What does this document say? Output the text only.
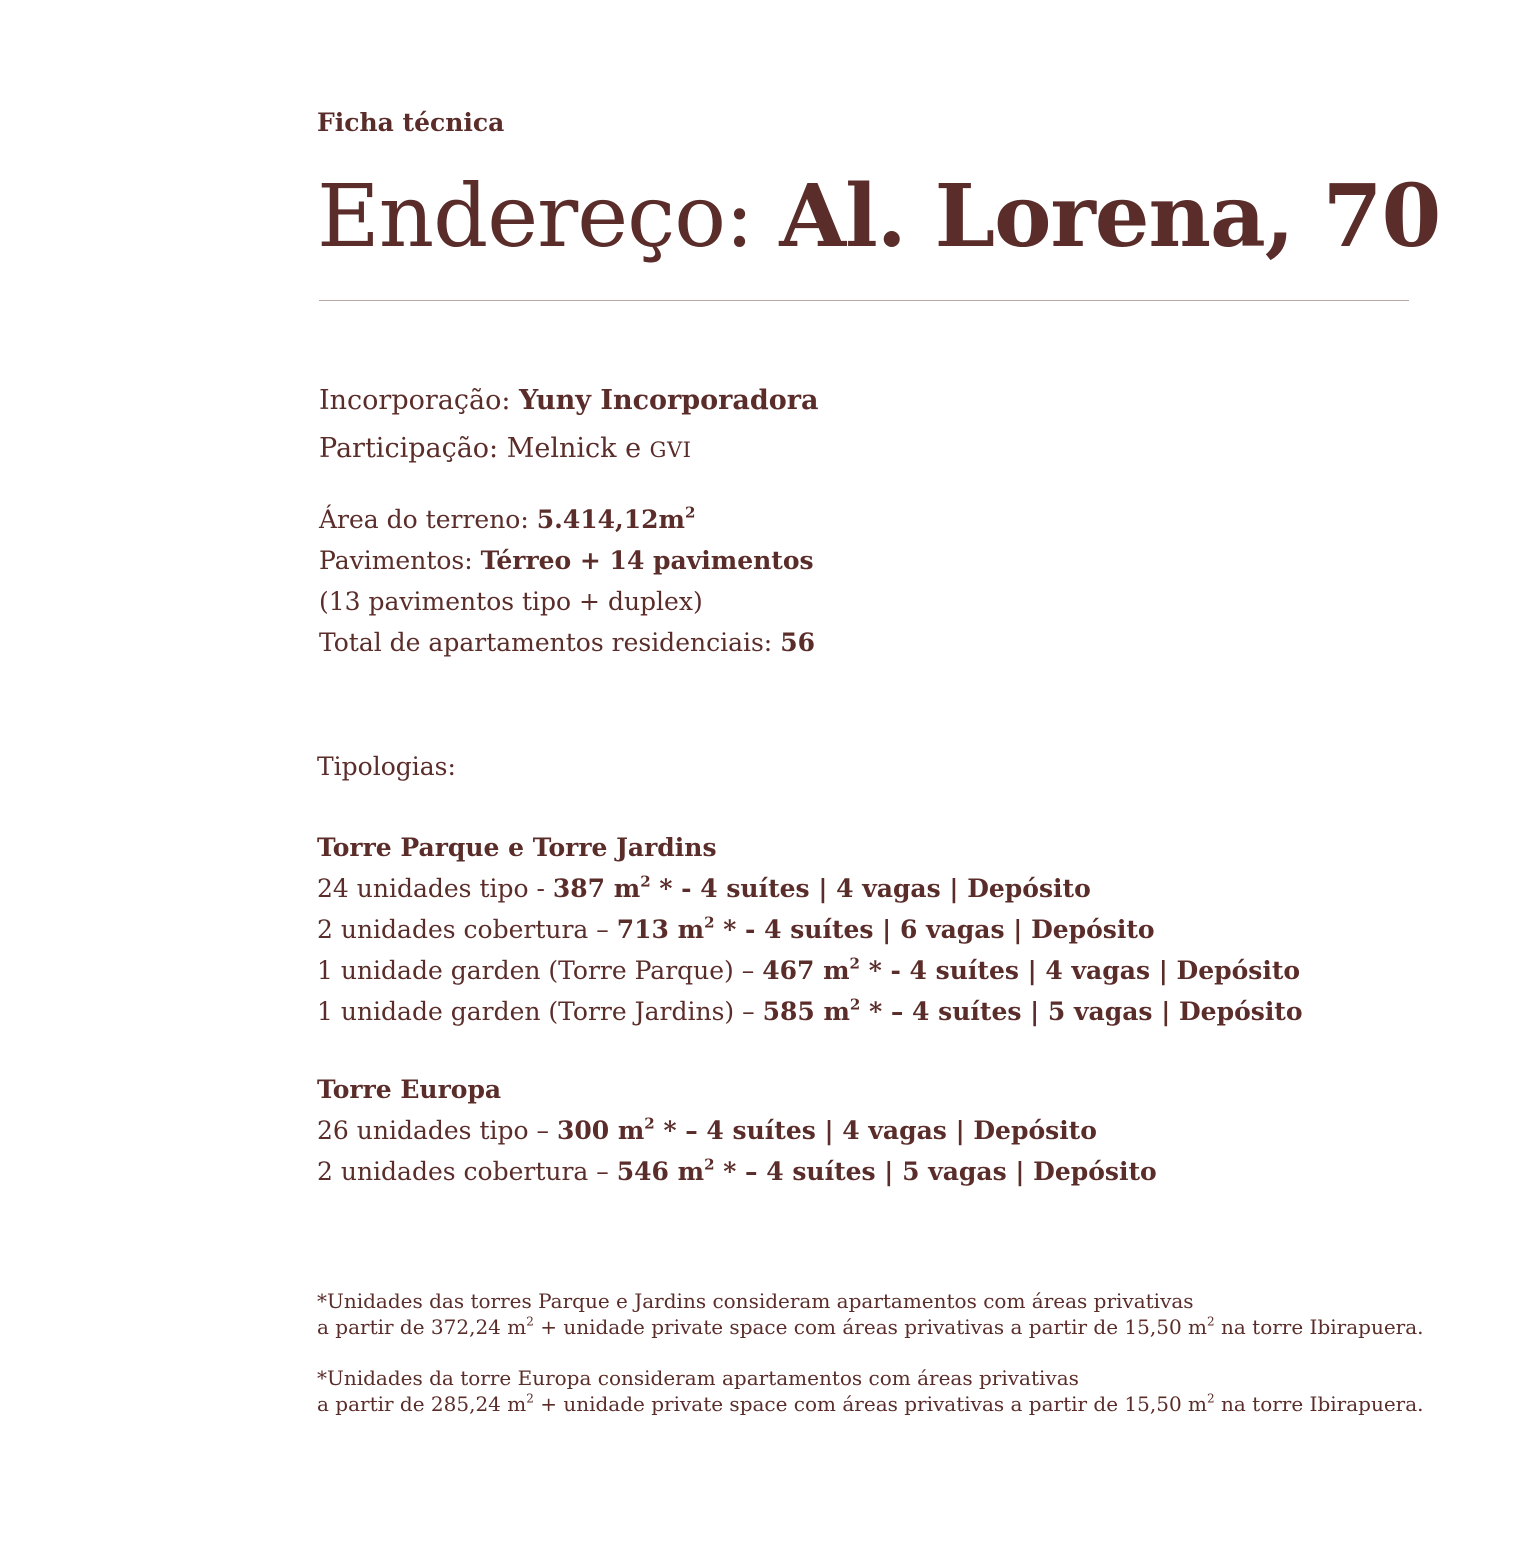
Ficha técnica
Endereço: Al. Lorena, 70
Incorporação: Yuny Incorporadora
Participação: Melnick e GVI
Área do terreno: $5.414,12m^2$
Pavimentos: Térreo + 14 pavimentos
(13 pavimentos tipo + duplex)
Total de apartamentos residenciais: 56
Tipologias:
Torre Parque e Torre Jardins
24 unidades tipo - 387 $m^2$ * - 4 suítes | 4 vagas | Depósito
2 unidades cobertura – 713 $m^2$ * - 4 suítes | 6 vagas | Depósito
1 unidade garden (Torre Parque) – 467 $m^2$ * - 4 suítes | 4 vagas | Depósito
1 unidade garden (Torre Jardins) – 585 $m^2$ * – 4 suítes | 5 vagas | Depósito
Torre Europa
26 unidades tipo – 300 $m^2$ * – 4 suítes | 4 vagas | Depósito
2 unidades cobertura – 546 $m^2$ * – 4 suítes | 5 vagas | Depósito
*Unidades das torres Parque e Jardins consideram apartamentos com áreas privativas
a partir de 372,24 $m^2$ + unidade private space com áreas privativas a partir de 15,50 $m^2$ na torre Ibirapuera.
*Unidades da torre Europa consideram apartamentos com áreas privativas
a partir de 285,24 $m^2$ + unidade private space com áreas privativas a partir de 15,50 $m^2$ na torre Ibirapuera.
